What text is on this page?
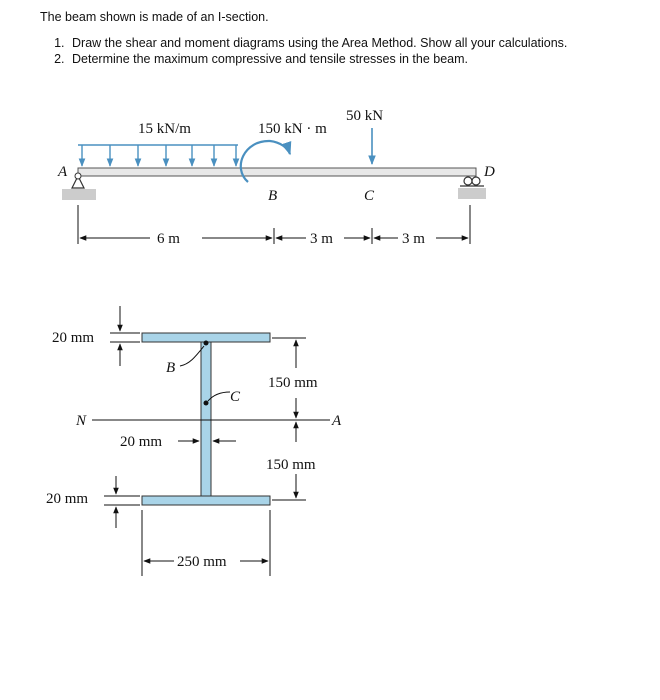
The beam shown is made of an I-section.

1. Draw the shear and moment diagrams using the Area Method. Show all your calculations.
2. Determine the maximum compressive and tensile stresses in the beam.
15 kN/m	150 kN · m
50 kN
A	D
B	C
6 m	3 m	3 m
N	A
B
C
20 mm
20 mm
20 mm
150 mm
150 mm
250 mm
